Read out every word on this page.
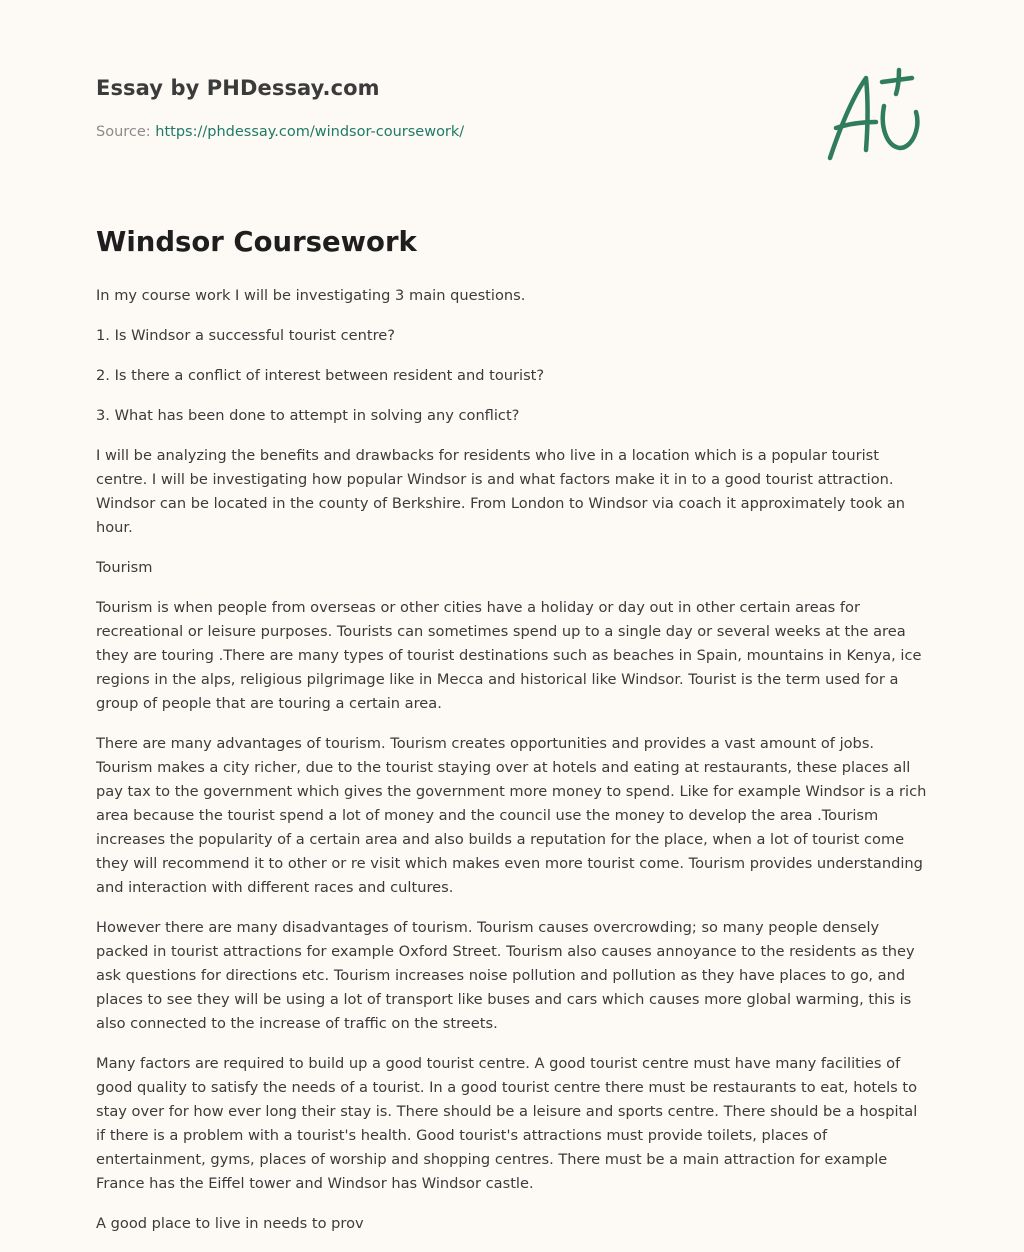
Essay by PHDessay.com
Source: https://phdessay.com/windsor-coursework/
Windsor Coursework

In my course work I will be investigating 3 main questions.

1. Is Windsor a successful tourist centre?

2. Is there a conflict of interest between resident and tourist?

3. What has been done to attempt in solving any conflict?

I will be analyzing the benefits and drawbacks for residents who live in a location which is a popular tourist centre. I will be investigating how popular Windsor is and what factors make it in to a good tourist attraction. Windsor can be located in the county of Berkshire. From London to Windsor via coach it approximately took an hour.

Tourism

Tourism is when people from overseas or other cities have a holiday or day out in other certain areas for recreational or leisure purposes. Tourists can sometimes spend up to a single day or several weeks at the area they are touring .There are many types of tourist destinations such as beaches in Spain, mountains in Kenya, ice regions in the alps, religious pilgrimage like in Mecca and historical like Windsor. Tourist is the term used for a group of people that are touring a certain area.

There are many advantages of tourism. Tourism creates opportunities and provides a vast amount of jobs. Tourism makes a city richer, due to the tourist staying over at hotels and eating at restaurants, these places all pay tax to the government which gives the government more money to spend. Like for example Windsor is a rich area because the tourist spend a lot of money and the council use the money to develop the area .Tourism increases the popularity of a certain area and also builds a reputation for the place, when a lot of tourist come they will recommend it to other or re visit which makes even more tourist come. Tourism provides understanding and interaction with different races and cultures.

However there are many disadvantages of tourism. Tourism causes overcrowding; so many people densely packed in tourist attractions for example Oxford Street. Tourism also causes annoyance to the residents as they ask questions for directions etc. Tourism increases noise pollution and pollution as they have places to go, and places to see they will be using a lot of transport like buses and cars which causes more global warming, this is also connected to the increase of traffic on the streets.

Many factors are required to build up a good tourist centre. A good tourist centre must have many facilities of good quality to satisfy the needs of a tourist. In a good tourist centre there must be restaurants to eat, hotels to stay over for how ever long their stay is. There should be a leisure and sports centre. There should be a hospital if there is a problem with a tourist's health. Good tourist's attractions must provide toilets, places of entertainment, gyms, places of worship and shopping centres. There must be a main attraction for example France has the Eiffel tower and Windsor has Windsor castle.

A good place to live in needs to prov
